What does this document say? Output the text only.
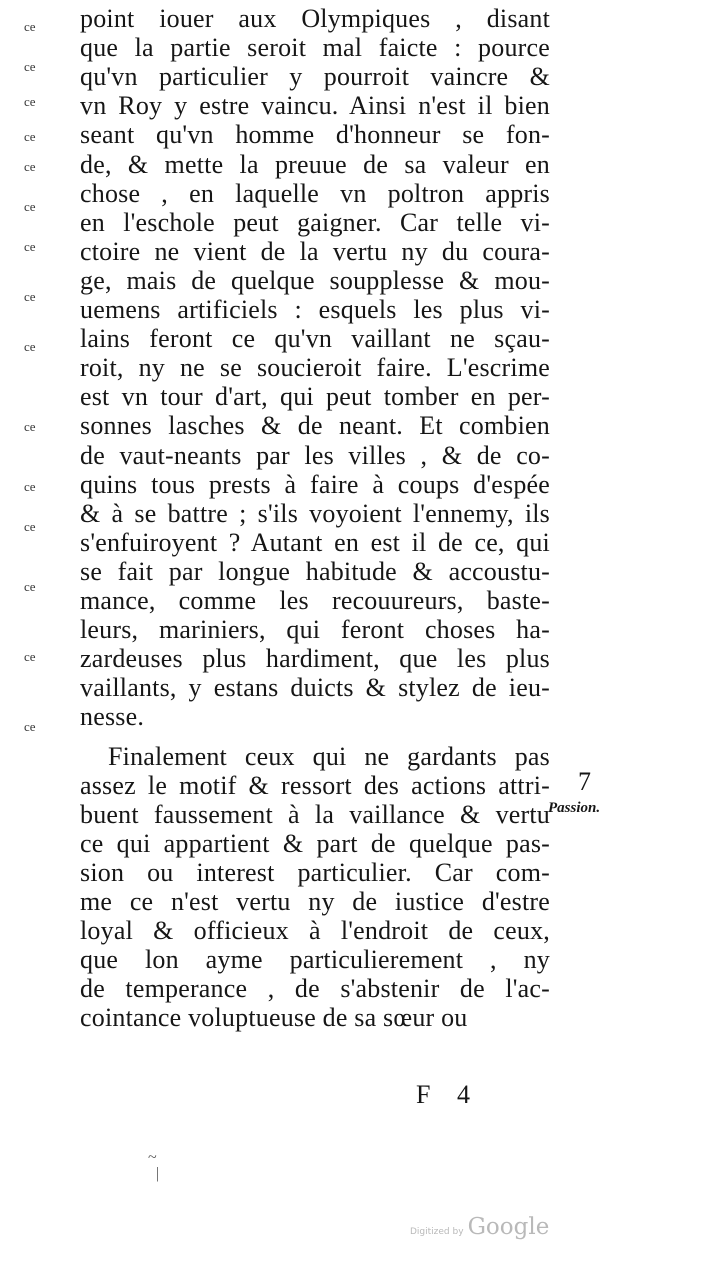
ce
ce
ce
ce
ce
ce
ce
ce
ce
ce
ce
ce
ce
ce
ce
point iouer aux Olympiques , disant
que la partie seroit mal faicte : pource
qu'vn particulier y pourroit vaincre &
vn Roy y estre vaincu. Ainsi n'est il bien
seant qu'vn homme d'honneur se fon-
de, & mette la preuue de sa valeur en
chose , en laquelle vn poltron appris
en l'eschole peut gaigner. Car telle vi-
ctoire ne vient de la vertu ny du coura-
ge, mais de quelque soupplesse & mou-
uemens artificiels : esquels les plus vi-
lains feront ce qu'vn vaillant ne sçau-
roit, ny ne se soucieroit faire. L'escrime
est vn tour d'art, qui peut tomber en per-
sonnes lasches & de neant. Et combien
de vaut-neants par les villes , & de co-
quins tous prests à faire à coups d'espée
& à se battre ; s'ils voyoient l'ennemy, ils
s'enfuiroyent ? Autant en est il de ce, qui
se fait par longue habitude & accoustu-
mance, comme les recouureurs, baste-
leurs, mariniers, qui feront choses ha-
zardeuses plus hardiment, que les plus
vaillants, y estans duicts & stylez de ieu-
nesse.
Finalement ceux qui ne gardants pas
assez le motif & ressort des actions attri-
buent faussement à la vaillance & vertu
ce qui appartient & part de quelque pas-
sion ou interest particulier. Car com-
me ce n'est vertu ny de iustice d'estre
loyal & officieux à l'endroit de ceux,
que lon ayme particulierement , ny
de temperance , de s'abstenir de l'ac-
cointance voluptueuse de sa sœur ou
7
Passion.
F 4
~
|
Digitized by Google
